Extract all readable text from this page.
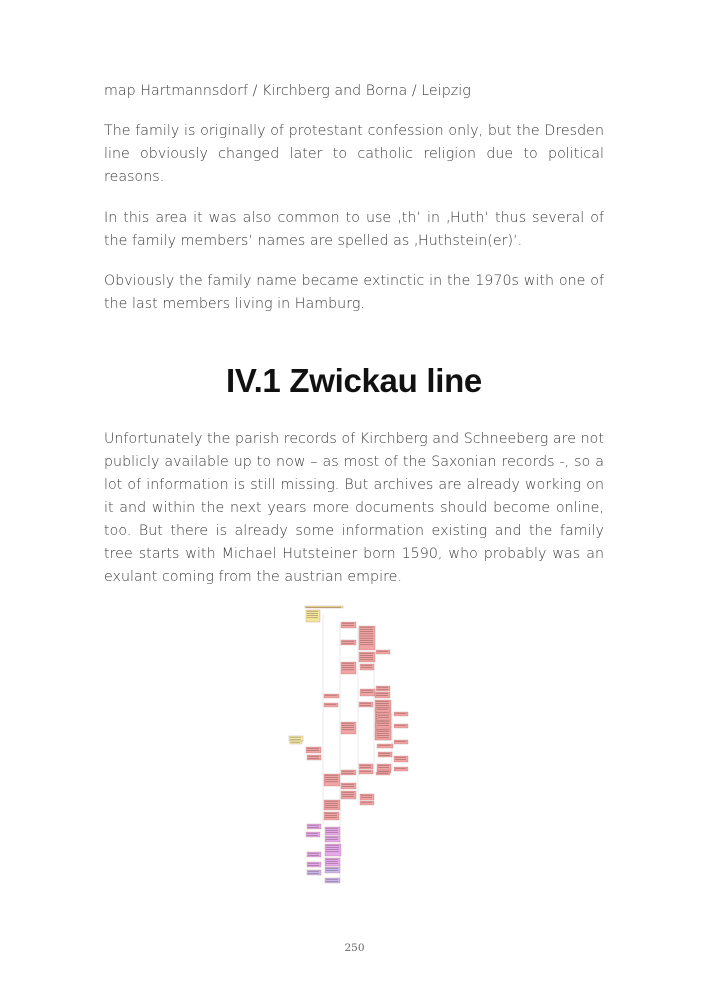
map Hartmannsdorf / Kirchberg and Borna / Leipzig

The family is originally of protestant confession only, but the Dresden line obviously changed later to catholic religion due to political reasons.

In this area it was also common to use ‚th‘ in ‚Huth‘ thus several of the family members‘ names are spelled as ‚Huthstein(er)‘.

Obviously the family name became extinctic in the 1970s with one of the last members living in Hamburg.

IV.1 Zwickau line

Unfortunately the parish records of Kirchberg and Schneeberg are not publicly available up to now – as most of the Saxonian records -, so a lot of information is still missing. But archives are already working on it and within the next years more documents should become online, too. But there is already some information existing and the family tree starts with Michael Hutsteiner born 1590, who probably was an exulant coming from the austrian empire.

250
